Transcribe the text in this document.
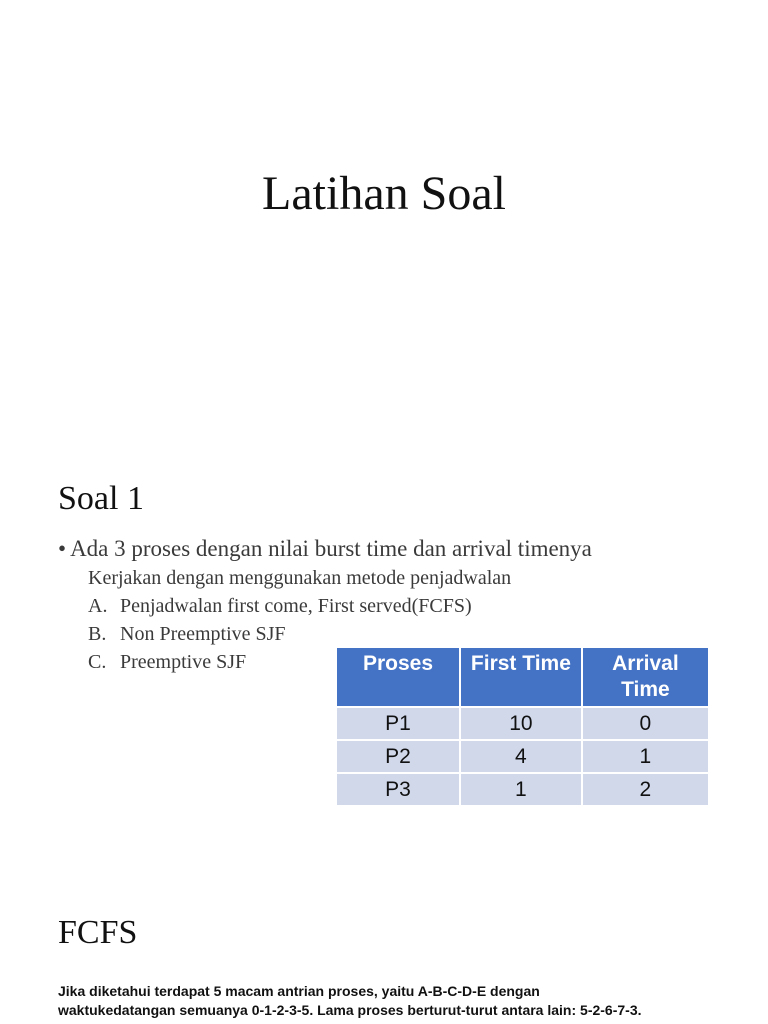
Latihan Soal
Soal 1
• Ada 3 proses dengan nilai burst time dan arrival timenya
Kerjakan dengan menggunakan metode penjadwalan
A. Penjadwalan first come, First served(FCFS)
B. Non Preemptive SJF
C. Preemptive SJF	Proses	First Time	Arrival Time
P1	10	0
P2	4	1
P3	1	2
FCFS
Jika diketahui terdapat 5 macam antrian proses, yaitu A-B-C-D-E dengan
waktukedatangan semuanya 0-1-2-3-5. Lama proses berturut-turut antara lain: 5-2-6-7-3.
